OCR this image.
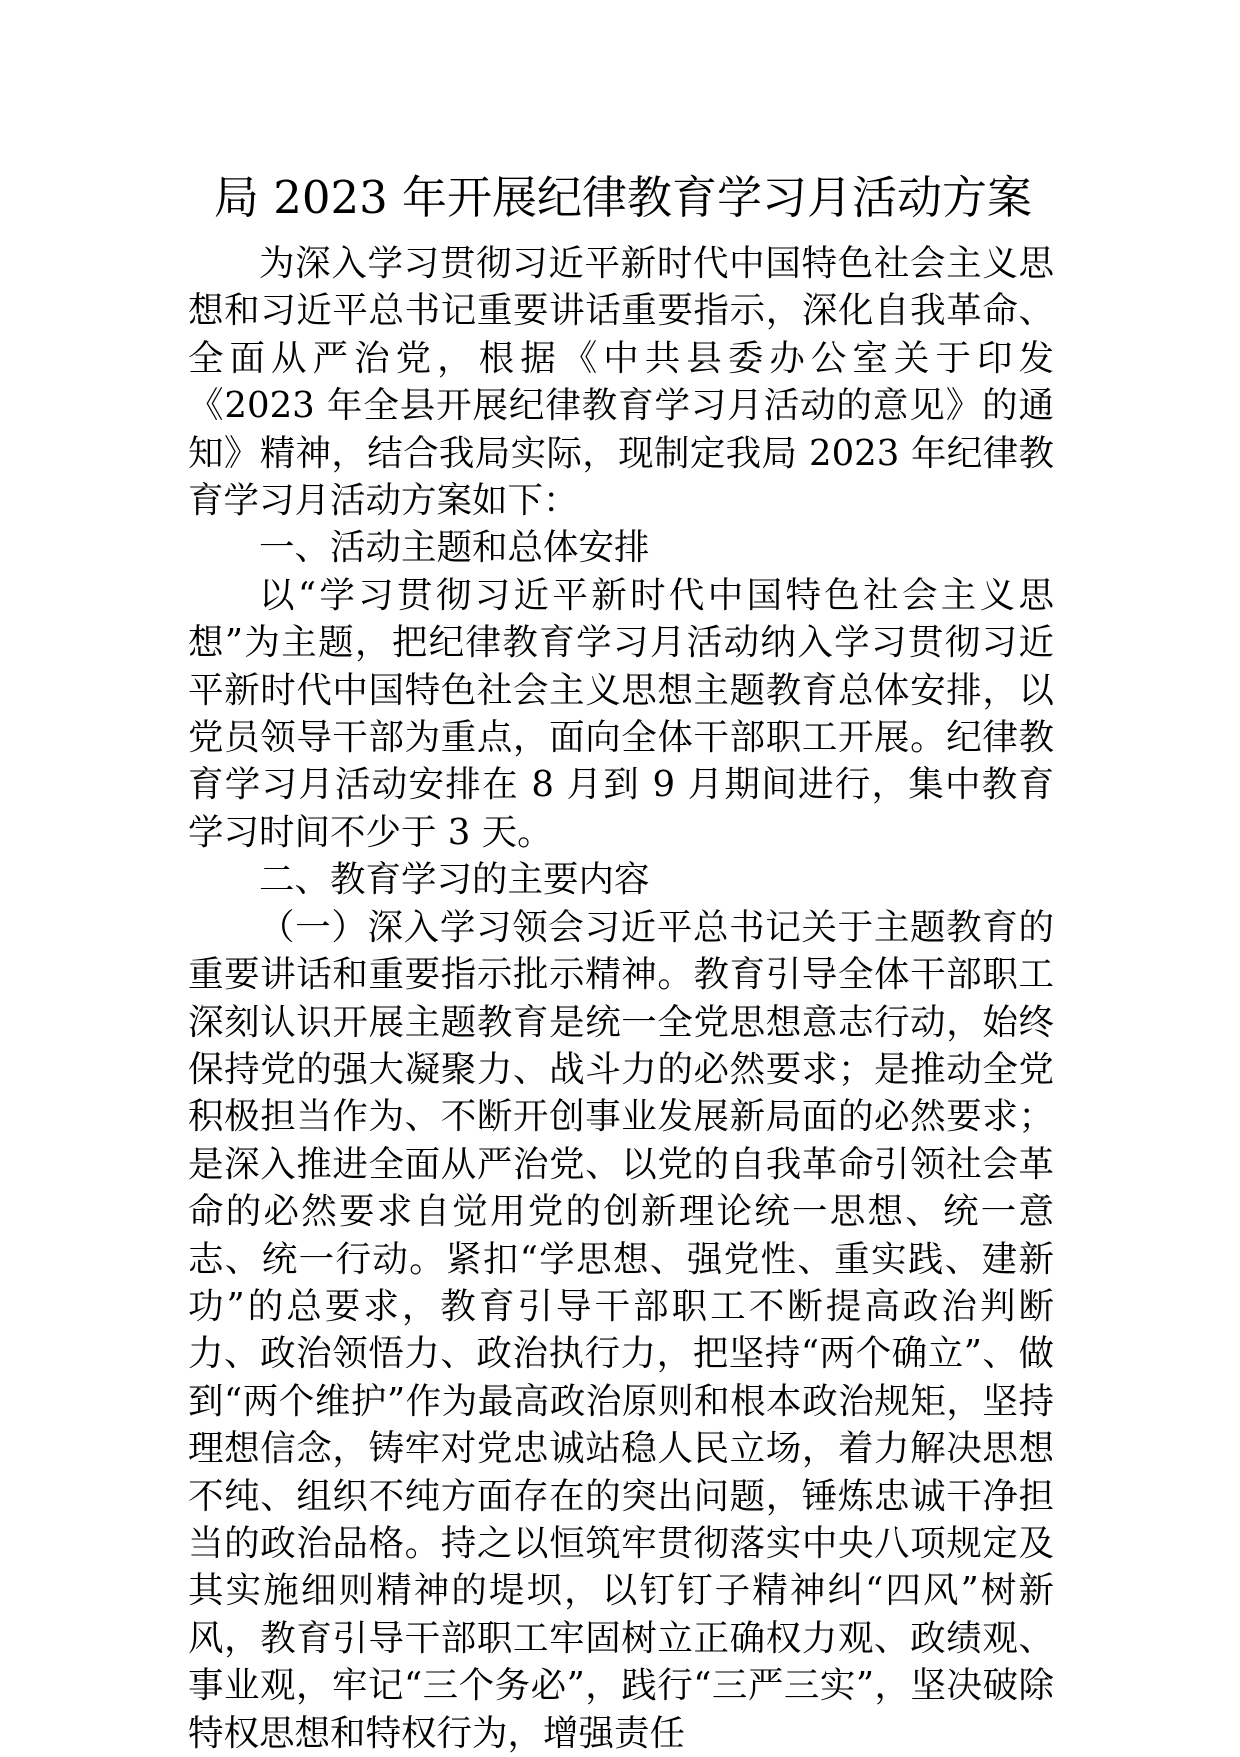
局 2023 年开展纪律教育学习月活动方案

为深入学习贯彻习近平新时代中国特色社会主义思想和习近平总书记重要讲话重要指示，深化自我革命、全面从严治党，根据《中共县委办公室关于印发《2023 年全县开展纪律教育学习月活动的意见》的通知》精神，结合我局实际，现制定我局 2023 年纪律教育学习月活动方案如下：

一、活动主题和总体安排

以“学习贯彻习近平新时代中国特色社会主义思想”为主题，把纪律教育学习月活动纳入学习贯彻习近平新时代中国特色社会主义思想主题教育总体安排，以党员领导干部为重点，面向全体干部职工开展。纪律教育学习月活动安排在 8 月到 9 月期间进行，集中教育学习时间不少于 3 天。

二、教育学习的主要内容

（一）深入学习领会习近平总书记关于主题教育的重要讲话和重要指示批示精神。教育引导全体干部职工深刻认识开展主题教育是统一全党思想意志行动，始终保持党的强大凝聚力、战斗力的必然要求；是推动全党积极担当作为、不断开创事业发展新局面的必然要求；是深入推进全面从严治党、以党的自我革命引领社会革命的必然要求自觉用党的创新理论统一思想、统一意志、统一行动。紧扣“学思想、强党性、重实践、建新功”的总要求，教育引导干部职工不断提高政治判断力、政治领悟力、政治执行力，把坚持“两个确立”、做到“两个维护”作为最高政治原则和根本政治规矩，坚持理想信念，铸牢对党忠诚站稳人民立场，着力解决思想不纯、组织不纯方面存在的突出问题，锤炼忠诚干净担当的政治品格。持之以恒筑牢贯彻落实中央八项规定及其实施细则精神的堤坝，以钉钉子精神纠“四风”树新风，教育引导干部职工牢固树立正确权力观、政绩观、事业观，牢记“三个务必”，践行“三严三实”，坚决破除特权思想和特权行为，增强责任
